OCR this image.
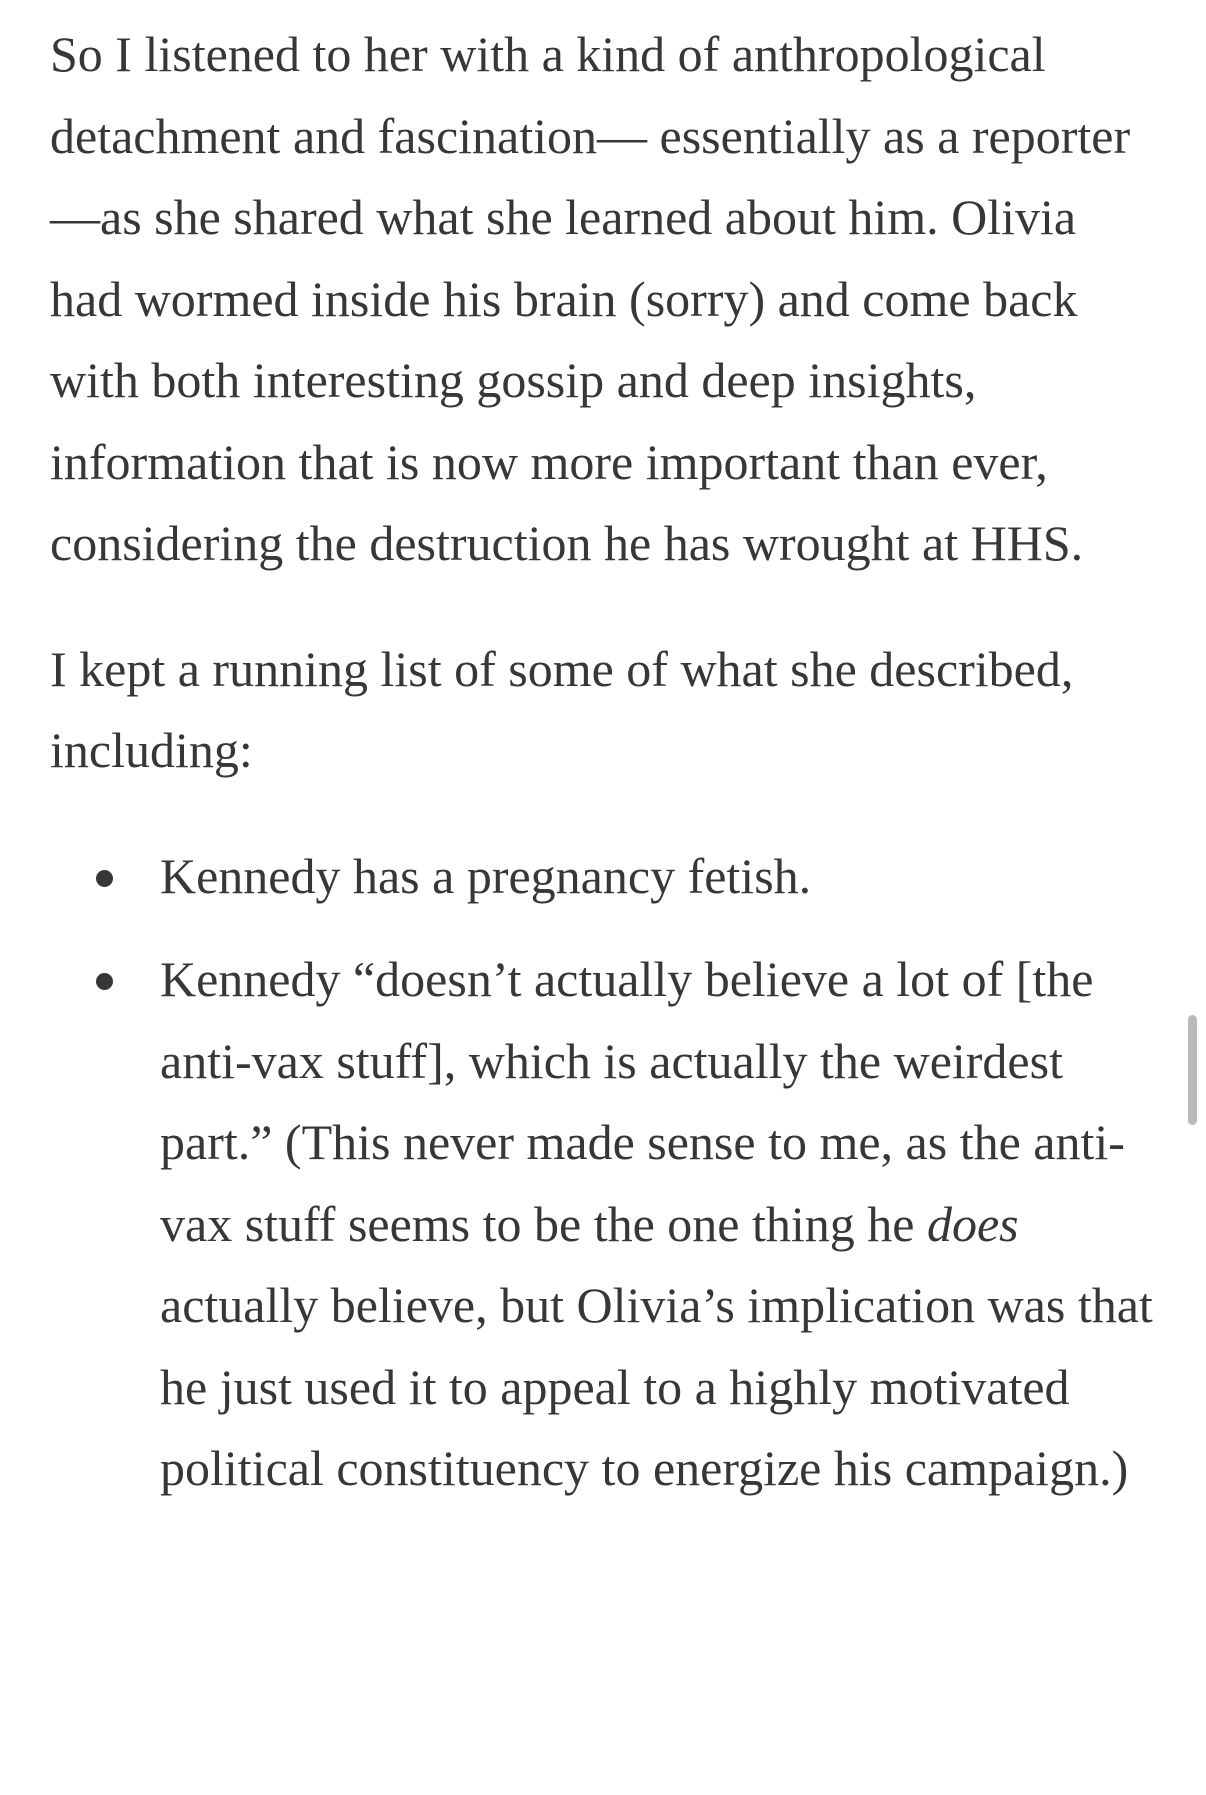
So I listened to her with a kind of anthropological detachment and fascination— essentially as a reporter—as she shared what she learned about him. Olivia had wormed inside his brain (sorry) and come back with both interesting gossip and deep insights, information that is now more important than ever, considering the destruction he has wrought at HHS.

I kept a running list of some of what she described, including:

Kennedy has a pregnancy fetish.
Kennedy “doesn’t actually believe a lot of [the anti-vax stuff], which is actually the weirdest part.” (This never made sense to me, as the anti-vax stuff seems to be the one thing he does actually believe, but Olivia’s implication was that he just used it to appeal to a highly motivated political constituency to energize his campaign.)
